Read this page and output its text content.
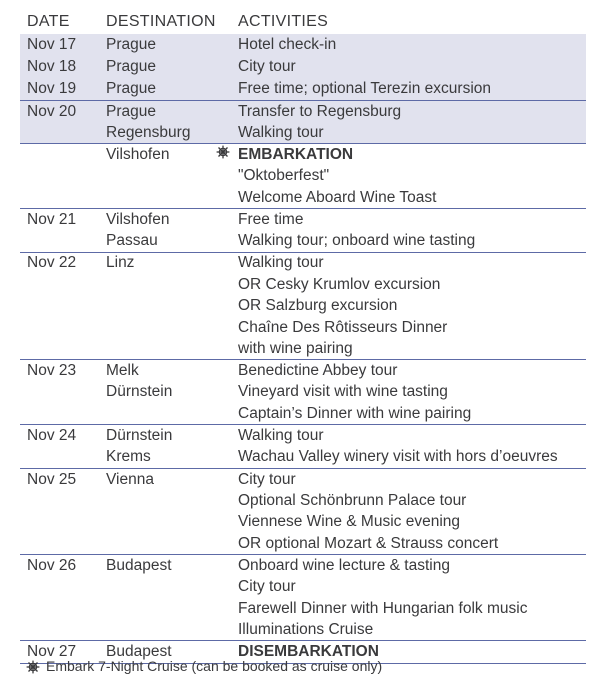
DATE DESTINATION ACTIVITIES
Nov 17 Prague	Hotel check-in
Nov 18 Prague	City tour
Nov 19 Prague	Free time; optional Terezin excursion
Nov 20 Prague	Transfer to Regensburg
Regensburg	Walking tour
Vilshofen	EMBARKATION
"Oktoberfest"
Welcome Aboard Wine Toast
Nov 21 Vilshofen	Free time
Passau	Walking tour; onboard wine tasting
Nov 22 Linz	Walking tour
OR Cesky Krumlov excursion
OR Salzburg excursion
Chaîne Des Rôtisseurs Dinner
with wine pairing
Nov 23 Melk	Benedictine Abbey tour
Dürnstein	Vineyard visit with wine tasting
Captain’s Dinner with wine pairing
Nov 24 Dürnstein	Walking tour
Krems	Wachau Valley winery visit with hors d’oeuvres
Nov 25 Vienna	City tour
Optional Schönbrunn Palace tour
Viennese Wine & Music evening
OR optional Mozart & Strauss concert
Nov 26 Budapest	Onboard wine lecture & tasting
City tour
Farewell Dinner with Hungarian folk music
Illuminations Cruise
Nov 27 Budapest	DISEMBARKATION
Embark 7-Night Cruise (can be booked as cruise only)
